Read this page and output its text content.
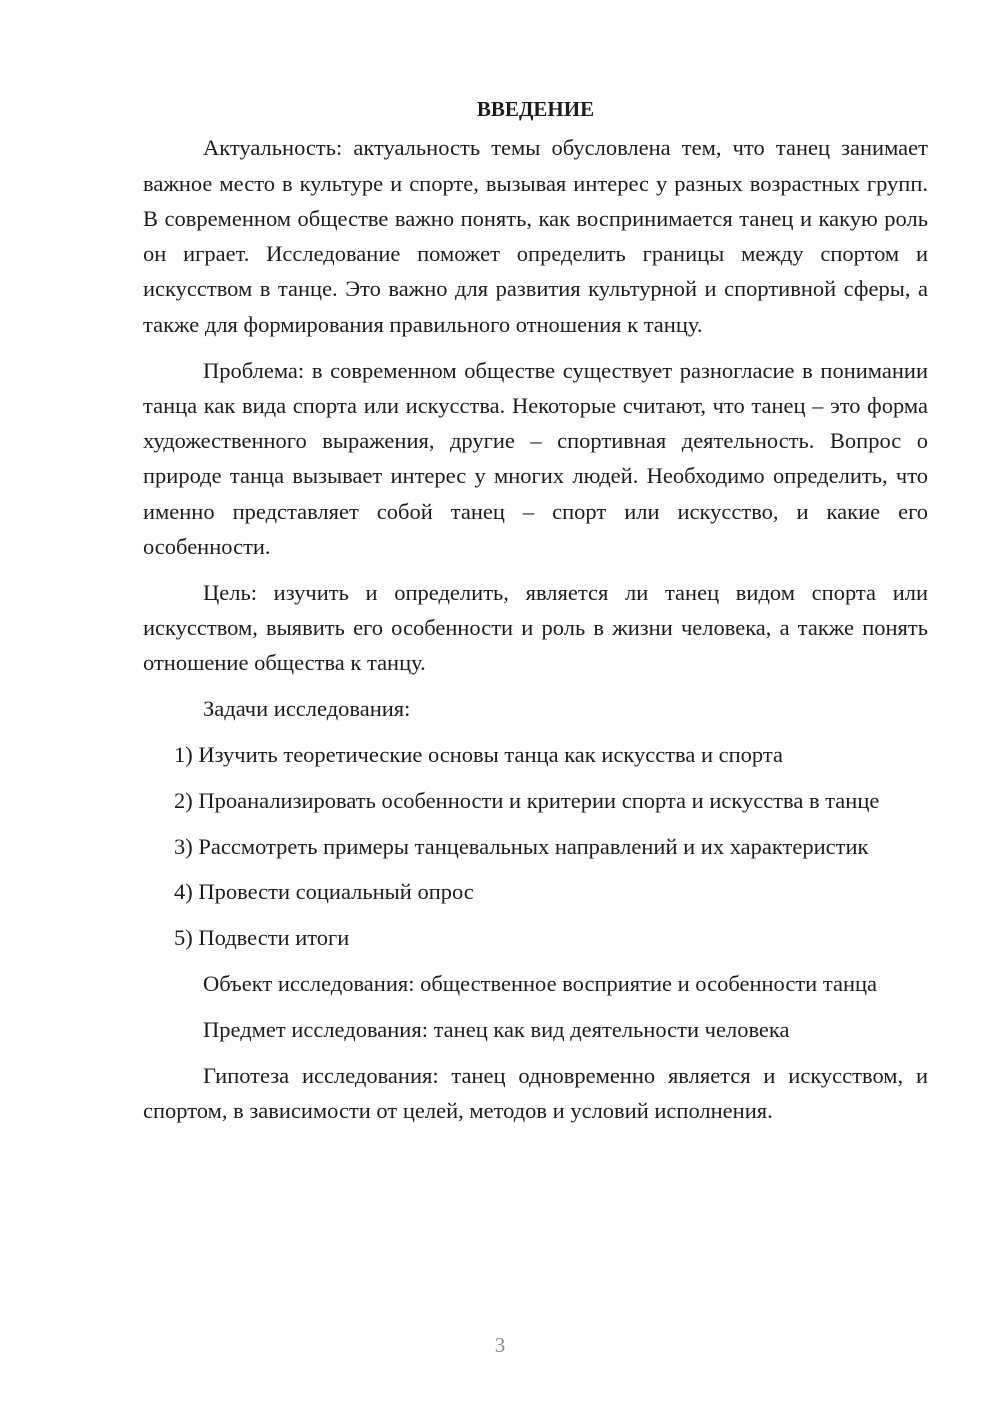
ВВЕДЕНИЕ

Актуальность: актуальность темы обусловлена тем, что танец занимает важное место в культуре и спорте, вызывая интерес у разных возрастных групп. В современном обществе важно понять, как воспринимается танец и какую роль он играет. Исследование поможет определить границы между спортом и искусством в танце. Это важно для развития культурной и спортивной сферы, а также для формирования правильного отношения к танцу.

Проблема: в современном обществе существует разногласие в понимании танца как вида спорта или искусства. Некоторые считают, что танец – это форма художественного выражения, другие – спортивная деятельность. Вопрос о природе танца вызывает интерес у многих людей. Необходимо определить, что именно представляет собой танец – спорт или искусство, и какие его особенности.

Цель: изучить и определить, является ли танец видом спорта или искусством, выявить его особенности и роль в жизни человека, а также понять отношение общества к танцу.

Задачи исследования:

1) Изучить теоретические основы танца как искусства и спорта

2) Проанализировать особенности и критерии спорта и искусства в танце

3) Рассмотреть примеры танцевальных направлений и их характеристик

4) Провести социальный опрос

5) Подвести итоги

Объект исследования: общественное восприятие и особенности танца

Предмет исследования: танец как вид деятельности человека

Гипотеза исследования: танец одновременно является и искусством, и спортом, в зависимости от целей, методов и условий исполнения.

3
